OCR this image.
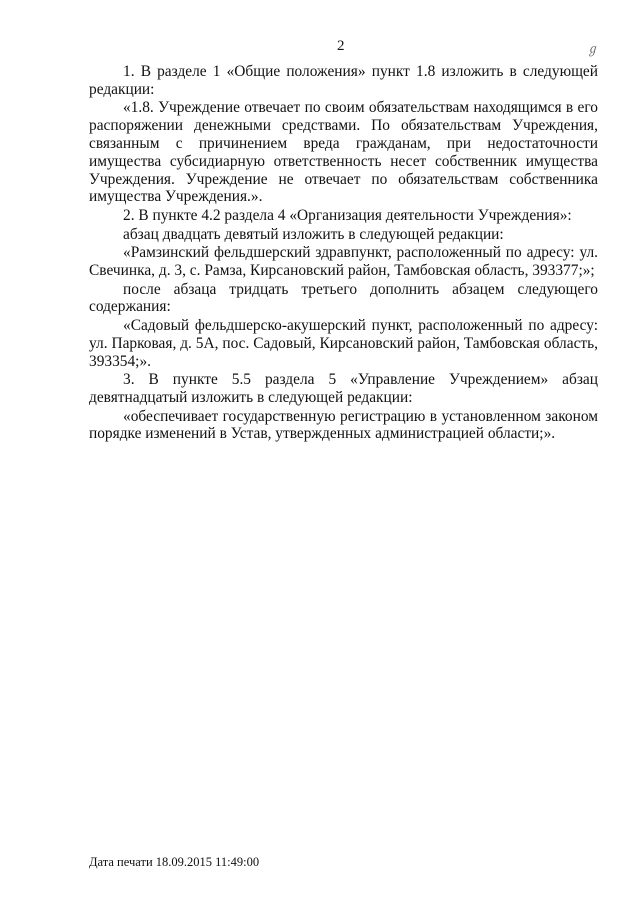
2	ℊ

1. В разделе 1 «Общие положения» пункт 1.8 изложить в следующей редакции:

«1.8. Учреждение отвечает по своим обязательствам находящимся в его распоряжении денежными средствами. По обязательствам Учреждения, связанным с причинением вреда гражданам, при недостаточности имущества субсидиарную ответственность несет собственник имущества Учреждения. Учреждение не отвечает по обязательствам собственника имущества Учреждения.».

2. В пункте 4.2 раздела 4 «Организация деятельности Учреждения»:

абзац двадцать девятый изложить в следующей редакции:

«Рамзинский фельдшерский здравпункт, расположенный по адресу: ул. Свечинка, д. 3, с. Рамза, Кирсановский район, Тамбовская область, 393377;»;

после абзаца тридцать третьего дополнить абзацем следующего содержания:

«Садовый фельдшерско-акушерский пункт, расположенный по адресу: ул. Парковая, д. 5А, пос. Садовый, Кирсановский район, Тамбовская область, 393354;».

3. В пункте 5.5 раздела 5 «Управление Учреждением» абзац девятнадцатый изложить в следующей редакции:

«обеспечивает государственную регистрацию в установленном законом порядке изменений в Устав, утвержденных администрацией области;».

Дата печати 18.09.2015 11:49:00
